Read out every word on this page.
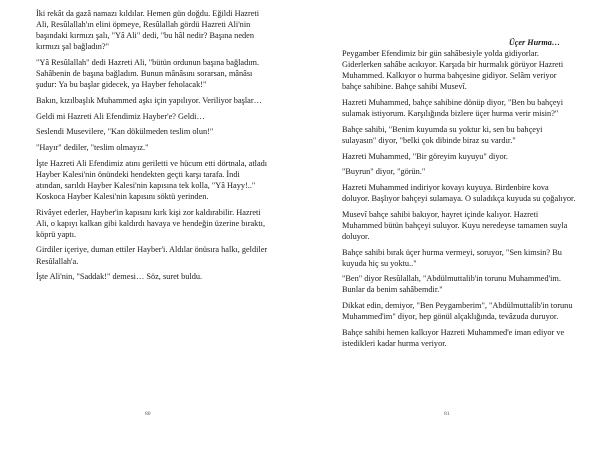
İki rekât da gazâ namazı kıldılar. Hemen gün doğdu. Eğildi Hazreti Ali, Resûlallah'ın elini öpmeye, Resûlallah gördü Hazreti Ali'nin başındaki kırmızı şalı, "Yâ Ali" dedi, "bu hâl nedir? Başına neden kırmızı şal bağladın?"

"Yâ Resûlallah" dedi Hazreti Ali, "bütün ordunun başına bağladım. Sahâbenin de başına bağladım. Bunun mânâsını sorarsan, mânâsı şudur: Ya bu başlar gidecek, ya Hayber feholacak!"

Bakın, kızılbaşlık Muhammed aşkı için yapılıyor. Veriliyor başlar…

Geldi mi Hazreti Ali Efendimiz Hayber'e? Geldi…

Seslendi Musevilere, "Kan dökülmeden teslim olun!"

"Hayır" dediler, "teslim olmayız."

İşte Hazreti Ali Efendimiz atını geriletti ve hücum etti dörtnala, atladı Hayber Kalesi'nin önündeki hendekten geçti karşı tarafa. İndi atından, sarıldı Hayber Kalesi'nin kapısına tek kolla, "Yâ Hayy!.." Koskoca Hayber Kalesi'nin kapısını söktü yerinden.

Rivâyet ederler, Hayber'in kapısını kırk kişi zor kaldırabilir. Hazreti Ali, o kapıyı kalkan gibi kaldırdı havaya ve hendeğin üzerine bıraktı, köprü yaptı.

Girdiler içeriye, duman ettiler Hayber'i. Aldılar önüsıra halkı, geldiler Resûlallah'a.

İşte Ali'nin, "Saddak!" demesi… Söz, suret buldu.

80
Üçer Hurma…

Peygamber Efendimiz bir gün sahâbesiyle yolda gidiyorlar. Giderlerken sahâbe acıkıyor. Karşıda bir hurmalık görüyor Hazreti Muhammed. Kalkıyor o hurma bahçesine gidiyor. Selâm veriyor bahçe sahibine. Bahçe sahibi Musevî.

Hazreti Muhammed, bahçe sahibine dönüp diyor, "Ben bu bahçeyi sulamak istiyorum. Karşılığında bizlere üçer hurma verir misin?"

Bahçe sahibi, "Benim kuyumda su yoktur ki, sen bu bahçeyi sulayasın" diyor, "belki çok dibinde biraz su vardır."

Hazreti Muhammed, "Bir göreyim kuyuyu" diyor.

"Buyrun" diyor, "görün."

Hazreti Muhammed indiriyor kovayı kuyuya. Birdenbire kova doluyor. Başlıyor bahçeyi sulamaya. O suladıkça kuyuda su çoğalıyor.

Musevî bahçe sahibi bakıyor, hayret içinde kalıyor. Hazreti Muhammed bütün bahçeyi suluyor. Kuyu neredeyse tamamen suyla doluyor.

Bahçe sahibi bırak üçer hurma vermeyi, soruyor, "Sen kimsin? Bu kuyuda hiç su yoktu.."

"Ben" diyor Resûlallah, "Abdülmuttalib'in torunu Muhammed'im. Bunlar da benim sahâbemdir."

Dikkat edin, demiyor, "Ben Peygamberim", "Abdülmuttalib'in torunu Muhammed'im" diyor, hep gönül alçaklığında, tevâzuda duruyor.

Bahçe sahibi hemen kalkıyor Hazreti Muhammed'e iman ediyor ve istedikleri kadar hurma veriyor.

81
